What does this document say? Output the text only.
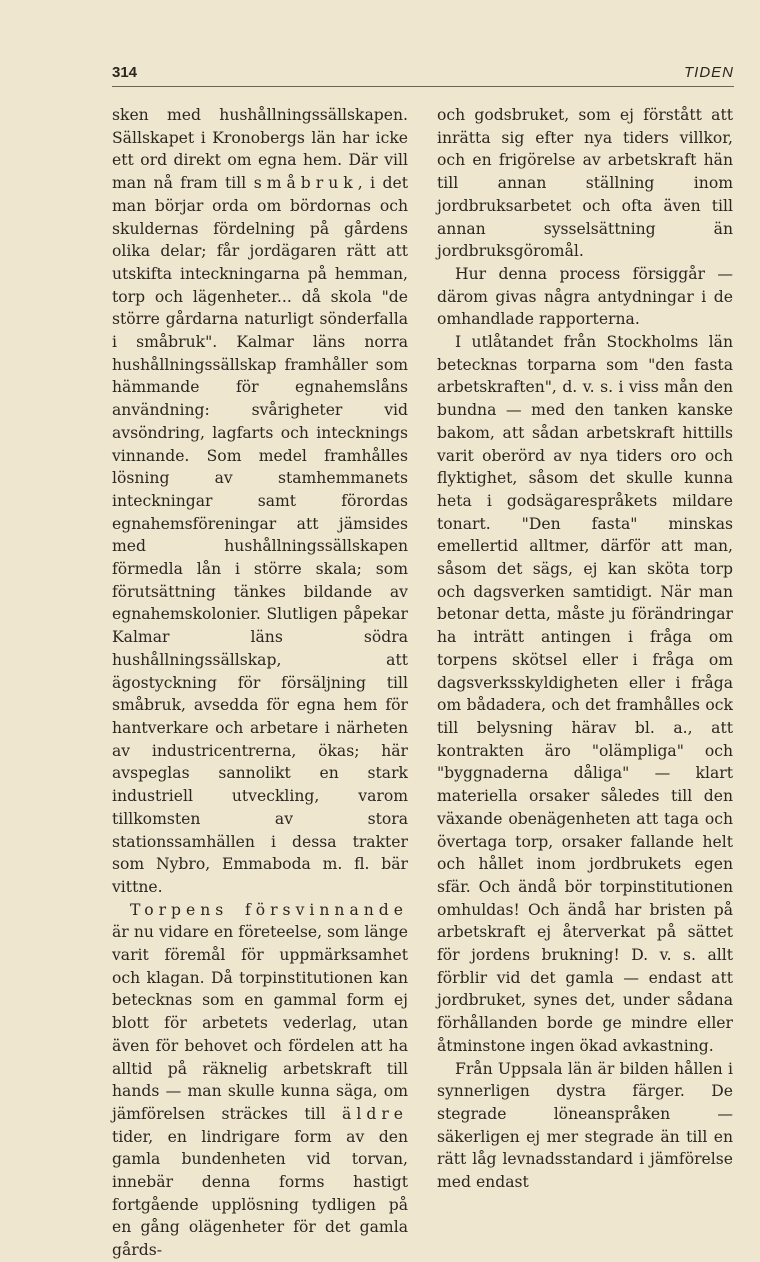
314	TIDEN

sken med hushållningssällskapen. Sällskapet i Kronobergs län har icke ett ord direkt om egna hem. Där vill man nå fram till småbruk, i det man börjar orda om bördornas och skuldernas fördelning på gårdens olika delar; får jordägaren rätt att utskifta inteckningarna på hemman, torp och lägenheter... då skola "de större gårdarna naturligt sönderfalla i småbruk". Kalmar läns norra hushållningssällskap framhåller som hämmande för egnahemslåns användning: svårigheter vid avsöndring, lagfarts och intecknings vinnande. Som medel framhålles lösning av stamhemmanets inteckningar samt förordas egnahemsföreningar att jämsides med hushållningssällskapen förmedla lån i större skala; som förutsättning tänkes bildande av egnahemskolonier. Slutligen påpekar Kalmar läns södra hushållningssällskap, att ägostyckning för försäljning till småbruk, avsedda för egna hem för hantverkare och arbetare i närheten av industricentrerna, ökas; här avspeglas sannolikt en stark industriell utveckling, varom tillkomsten av stora stationssamhällen i dessa trakter som Nybro, Emmaboda m. fl. bär vittne.

Torpens försvinnande är nu vidare en företeelse, som länge varit föremål för uppmärksamhet och klagan. Då torpinstitutionen kan betecknas som en gammal form ej blott för arbetets vederlag, utan även för behovet och fördelen att ha alltid på räknelig arbetskraft till hands — man skulle kunna säga, om jämförelsen sträckes till äldre tider, en lindrigare form av den gamla bundenheten vid torvan, innebär denna forms hastigt fortgående upplösning tydligen på en gång olägenheter för det gamla gårds-

och godsbruket, som ej förstått att inrätta sig efter nya tiders villkor, och en frigörelse av arbetskraft hän till annan ställning inom jordbruksarbetet och ofta även till annan sysselsättning än jordbruksgöromål.

Hur denna process försiggår — därom givas några antydningar i de omhandlade rapporterna.

I utlåtandet från Stockholms län betecknas torparna som "den fasta arbetskraften", d. v. s. i viss mån den bundna — med den tanken kanske bakom, att sådan arbetskraft hittills varit oberörd av nya tiders oro och flyktighet, såsom det skulle kunna heta i godsägarespråkets mildare tonart. "Den fasta" minskas emellertid alltmer, därför att man, såsom det sägs, ej kan sköta torp och dagsverken samtidigt. När man betonar detta, måste ju förändringar ha inträtt antingen i fråga om torpens skötsel eller i fråga om dagsverksskyldigheten eller i fråga om bådadera, och det framhålles ock till belysning härav bl. a., att kontrakten äro "olämpliga" och "byggnaderna dåliga" — klart materiella orsaker således till den växande obenägenheten att taga och övertaga torp, orsaker fallande helt och hållet inom jordbrukets egen sfär. Och ändå bör torpinstitutionen omhuldas! Och ändå har bristen på arbetskraft ej återverkat på sättet för jordens brukning! D. v. s. allt förblir vid det gamla — endast att jordbruket, synes det, under sådana förhållanden borde ge mindre eller åtminstone ingen ökad avkastning.

Från Uppsala län är bilden hållen i synnerligen dystra färger. De stegrade löneanspråken — säkerligen ej mer stegrade än till en rätt låg levnadsstandard i jämförelse med endast
